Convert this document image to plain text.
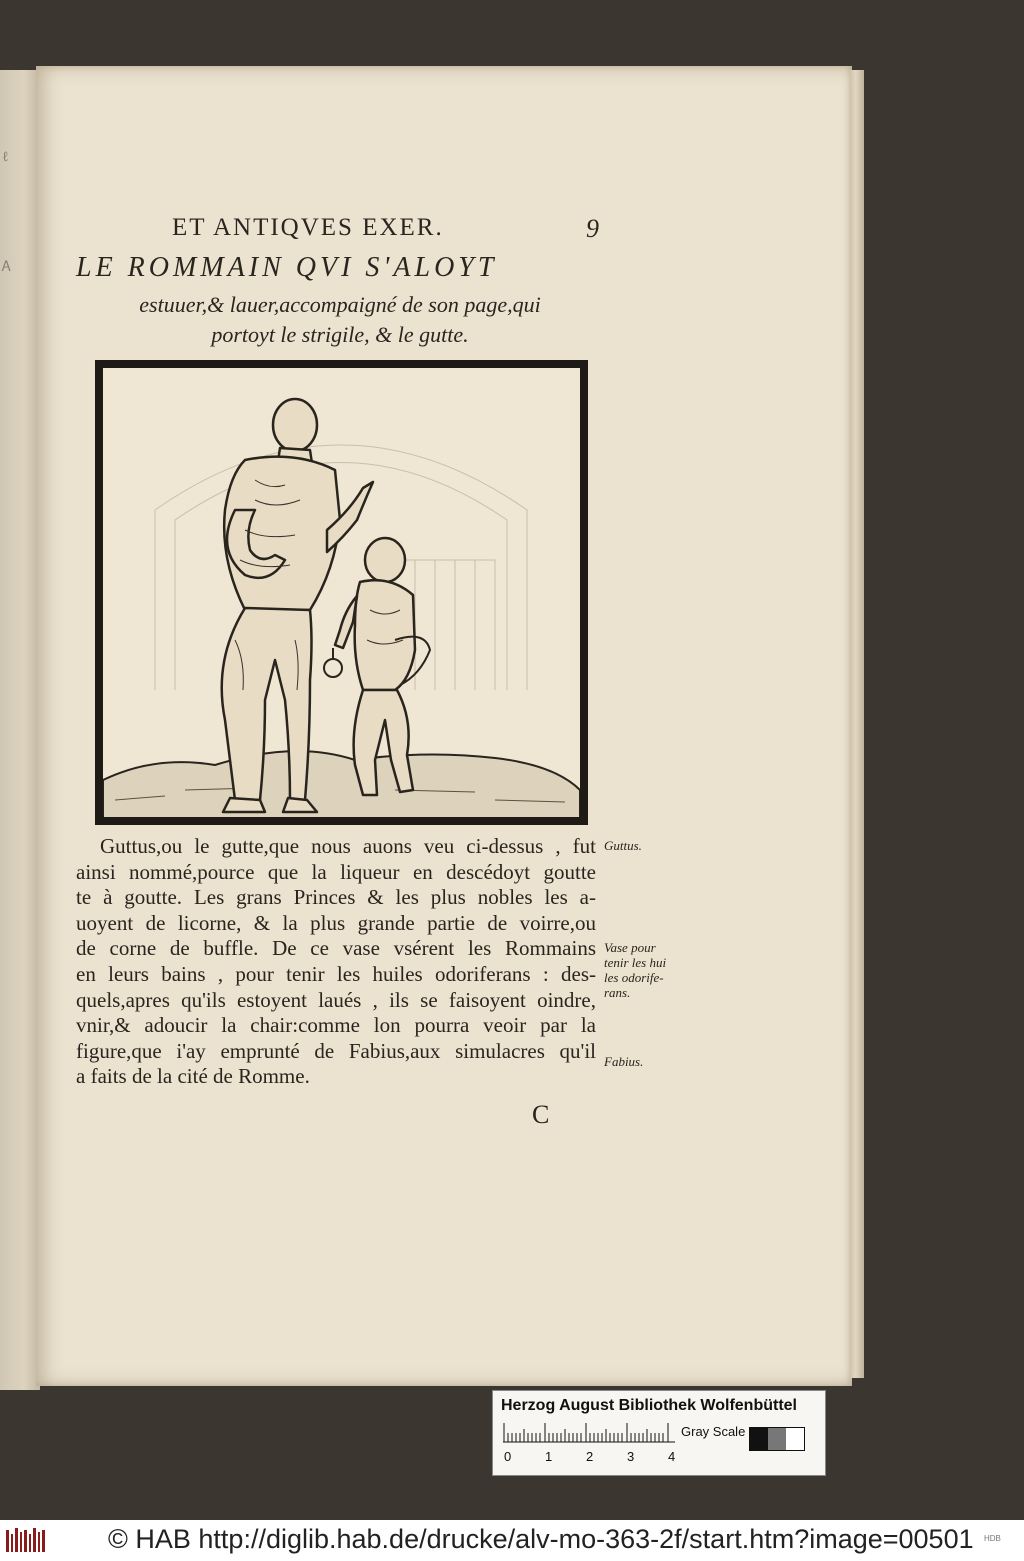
ℓ
Ꭺ
ET ANTIQVES EXER.	9
LE ROMMAIN QVI S'ALOYT
estuuer,& lauer,accompaigné de son page,qui
portoyt le strigile, & le gutte.
Guttus,ou le gutte,que nous auons veu ci-dessus , fut
ainsi nommé,pource que la liqueur en descédoyt goutte
te à goutte. Les grans Princes & les plus nobles les a-
uoyent de licorne, & la plus grande partie de voirre,ou
de corne de buffle. De ce vase vsérent les Rommains
en leurs bains , pour tenir les huiles odoriferans : des-
quels,apres qu'ils estoyent laués , ils se faisoyent oindre,
vnir,& adoucir la chair:comme lon pourra veoir par la
figure,que i'ay emprunté de Fabius,aux simulacres qu'il
a faits de la cité de Romme.
Guttus.
Vase pour
tenir les hui
les odorife-
rans.
Fabius.
C
Herzog August Bibliothek Wolfenbüttel
0	1	2	3	4
Gray Scale
© HAB http://diglib.hab.de/drucke/alv-mo-363-2f/start.htm?image=00501 HDB
